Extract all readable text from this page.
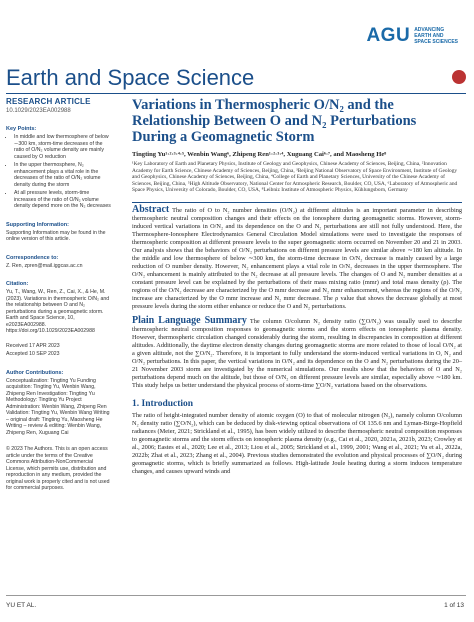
AGU ADVANCING
EARTH AND
SPACE SCIENCES
Earth and Space Science
RESEARCH ARTICLE
10.1029/2023EA002988
Key Points:
• In middle and low thermosphere of below ∼300 km, storm-time decreases of the ratio of O/N₂ volume density are mainly caused by O reduction
• In the upper thermosphere, N₂ enhancement plays a vital role in the decreases of the ratio of O/N₂ volume density during the storm
• At all pressure levels, storm-time increases of the ratio of O/N₂ volume density depend more on the N₂ decreases
Supporting Information:
Supporting Information may be found in the online version of this article.
Correspondence to:
Z. Ren, zpren@mail.iggcas.ac.cn
Citation:
Yu, T., Wang, W., Ren, Z., Cai, X., & He, M. (2023). Variations in thermospheric O/N₂ and the relationship between O and N₂ perturbations during a geomagnetic storm. Earth and Space Science, 10, e2023EA002988. https://doi.org/10.1029/2023EA002988
Received 17 APR 2023
Accepted 10 SEP 2023
Author Contributions:
Conceptualization: Tingting Yu Funding acquisition: Tingting Yu, Wenbin Wang, Zhipeng Ren Investigation: Tingting Yu Methodology: Tingting Yu Project Administration: Wenbin Wang, Zhipeng Ren Validation: Tingting Yu, Wenbin Wang Writing – original draft: Tingting Yu, Maosheng He Writing – review & editing: Wenbin Wang, Zhipeng Ren, Xuguang Cai
© 2023 The Authors. This is an open access article under the terms of the Creative Commons Attribution-NonCommercial License, which permits use, distribution and reproduction in any medium, provided the original work is properly cited and is not used for commercial purposes.
Variations in Thermospheric O/N₂ and the Relationship Between O and N₂ Perturbations During a Geomagnetic Storm
Tingting Yu¹·²·³·⁴·⁵, Wenbin Wang⁶, Zhipeng Ren¹·²·³·⁴, Xuguang Cai⁶·⁷, and Maosheng He⁸
¹Key Laboratory of Earth and Planetary Physics, Institute of Geology and Geophysics, Chinese Academy of Sciences, Beijing, China, ²Innovation Academy for Earth Science, Chinese Academy of Sciences, Beijing, China, ³Beijing National Observatory of Space Environment, Institute of Geology and Geophysics, Chinese Academy of Sciences, Beijing, China, ⁴College of Earth and Planetary Sciences, University of the Chinese Academy of Sciences, Beijing, China, ⁵High Altitude Observatory, National Center for Atmospheric Research, Boulder, CO, USA, ⁶Laboratory of Atmospheric and Space Physics, University of Colorado, Boulder, CO, USA, ⁸Leibniz Institute of Atmospheric Physics, Kühlungsborn, Germany
Abstract The ratio of O to N₂ number densities (O/N₂) at different altitudes is an important parameter in describing thermospheric neutral composition changes and their effects on the ionosphere during geomagnetic storms. However, storm-induced vertical variations in O/N₂ and its dependence on the O and N₂ perturbations are still not fully understood. Here, the Thermosphere-Ionosphere Electrodynamics General Circulation Model simulations were used to investigate the responses of thermospheric composition at different pressure levels to the super geomagnetic storm occurred on November 20 and 21 in 2003. Our analysis shows that the behaviors of O/N₂ perturbations on different pressure levels are similar above ∼180 km altitude. In the middle and low thermosphere of below ∼300 km, the storm-time decrease in O/N₂ decrease is mainly caused by a large reduction of O number density. However, N₂ enhancement plays a vital role in O/N₂ decreases in the upper thermosphere. The O/N₂ enhancement is mainly attributed to the N₂ decrease at all pressure levels. The changes of O and N₂ number densities at a constant pressure level can be explained by the perturbations of their mass mixing ratio (mmr) and total mass density (ρ). The regions of the O/N₂ decrease are characterized by the O mmr decrease and N₂ mmr enhancement, whereas the regions of the O/N₂ increase are characterized by the O mmr increase and N₂ mmr decrease. The ρ value that shows the decrease globally at most pressure levels during the storm either enhance or reduce the O and N₂ perturbations.
Plain Language Summary The column O/column N₂ density ratio (∑O/N₂) was usually used to describe thermospheric neutral composition responses to geomagnetic storms and the storm effects on ionospheric plasma density. However, thermospheric circulation changed considerably during the storm, resulting in discrepancies in composition at different altitudes. Additionally, the daytime electron density changes during geomagnetic storms are more related to those of local O/N₂ at a given altitude, not the ∑O/N₂. Therefore, it is important to fully understand the storm-induced vertical variations in O, N₂ and O/N₂ perturbations. In this paper, the vertical variations in O/N₂ and its dependence on the O and N₂ perturbations during the 20–21 November 2003 storm are investigated by the numerical simulations. Our results show that the behaviors of O and N₂ perturbations depend much on the altitude, but those of O/N₂ on different pressure levels are similar, especially above ∼180 km. This study helps us better understand the physical process of storm-time ∑O/N₂ variations based on the observations.
1. Introduction
The ratio of height-integrated number density of atomic oxygen (O) to that of molecular nitrogen (N₂), namely column O/column N₂ density ratio (∑O/N₂), which can be deduced by disk-viewing optical observations of OI 135.6 nm and Lyman-Birge-Hopfield radiances (Meier, 2021; Strickland et al., 1995), has been widely utilized to describe thermospheric neutral composition responses to geomagnetic storms and the storm effects on ionospheric plasma density (e.g., Cai et al., 2020, 2021a, 2021b, 2023; Crowley et al., 2006; Eastes et al., 2020; Lee et al., 2013; Liou et al., 2005; Strickland et al., 1999, 2001; Wang et al., 2021; Yu et al., 2022a, 2022b; Zhai et al., 2023; Zhang et al., 2004). Previous studies demonstrated the evolution and physical processes of ∑O/N₂ during geomagnetic storms, which is briefly summarized as follows. High-latitude Joule heating during a storm induces temperature changes, and causes upward winds and
YU ET AL.	1 of 13
